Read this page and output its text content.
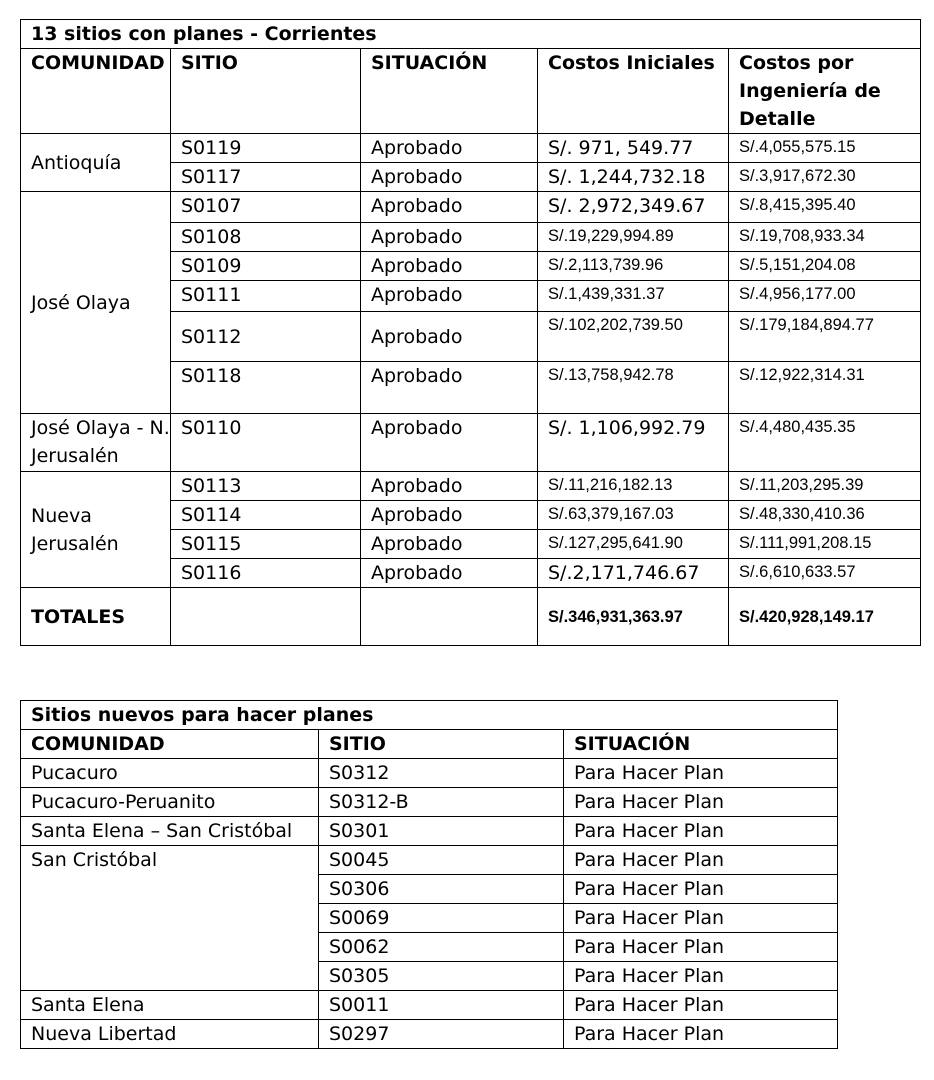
13 sitios con planes - Corrientes				
COMUNIDAD	SITIO	SITUACIÓN	Costos Iniciales	Costos por Ingeniería de Detalle
Antioquía	S0119	Aprobado	S/. 971, 549.77	S/.4,055,575.15
	S0117	Aprobado	S/. 1,244,732.18	S/.3,917,672.30
José Olaya	S0107	Aprobado	S/. 2,972,349.67	S/.8,415,395.40
	S0108	Aprobado	S/.19,229,994.89	S/.19,708,933.34
	S0109	Aprobado	S/.2,113,739.96	S/.5,151,204.08
	S0111	Aprobado	S/.1,439,331.37	S/.4,956,177.00
	S0112	Aprobado	S/.102,202,739.50	S/.179,184,894.77
	S0118	Aprobado	S/.13,758,942.78	S/.12,922,314.31
José Olaya - N. Jerusalén	S0110	Aprobado	S/. 1,106,992.79	S/.4,480,435.35
Nueva Jerusalén	S0113	Aprobado	S/.11,216,182.13	S/.11,203,295.39
	S0114	Aprobado	S/.63,379,167.03	S/.48,330,410.36
	S0115	Aprobado	S/.127,295,641.90	S/.111,991,208.15
	S0116	Aprobado	S/.2,171,746.67	S/.6,610,633.57
TOTALES			S/.346,931,363.97	S/.420,928,149.17
Sitios nuevos para hacer planes		
COMUNIDAD	SITIO	SITUACIÓN
Pucacuro	S0312	Para Hacer Plan
Pucacuro-Peruanito	S0312-B	Para Hacer Plan
Santa Elena – San Cristóbal	S0301	Para Hacer Plan
San Cristóbal	S0045	Para Hacer Plan
	S0306	Para Hacer Plan
	S0069	Para Hacer Plan
	S0062	Para Hacer Plan
	S0305	Para Hacer Plan
Santa Elena	S0011	Para Hacer Plan
Nueva Libertad	S0297	Para Hacer Plan
